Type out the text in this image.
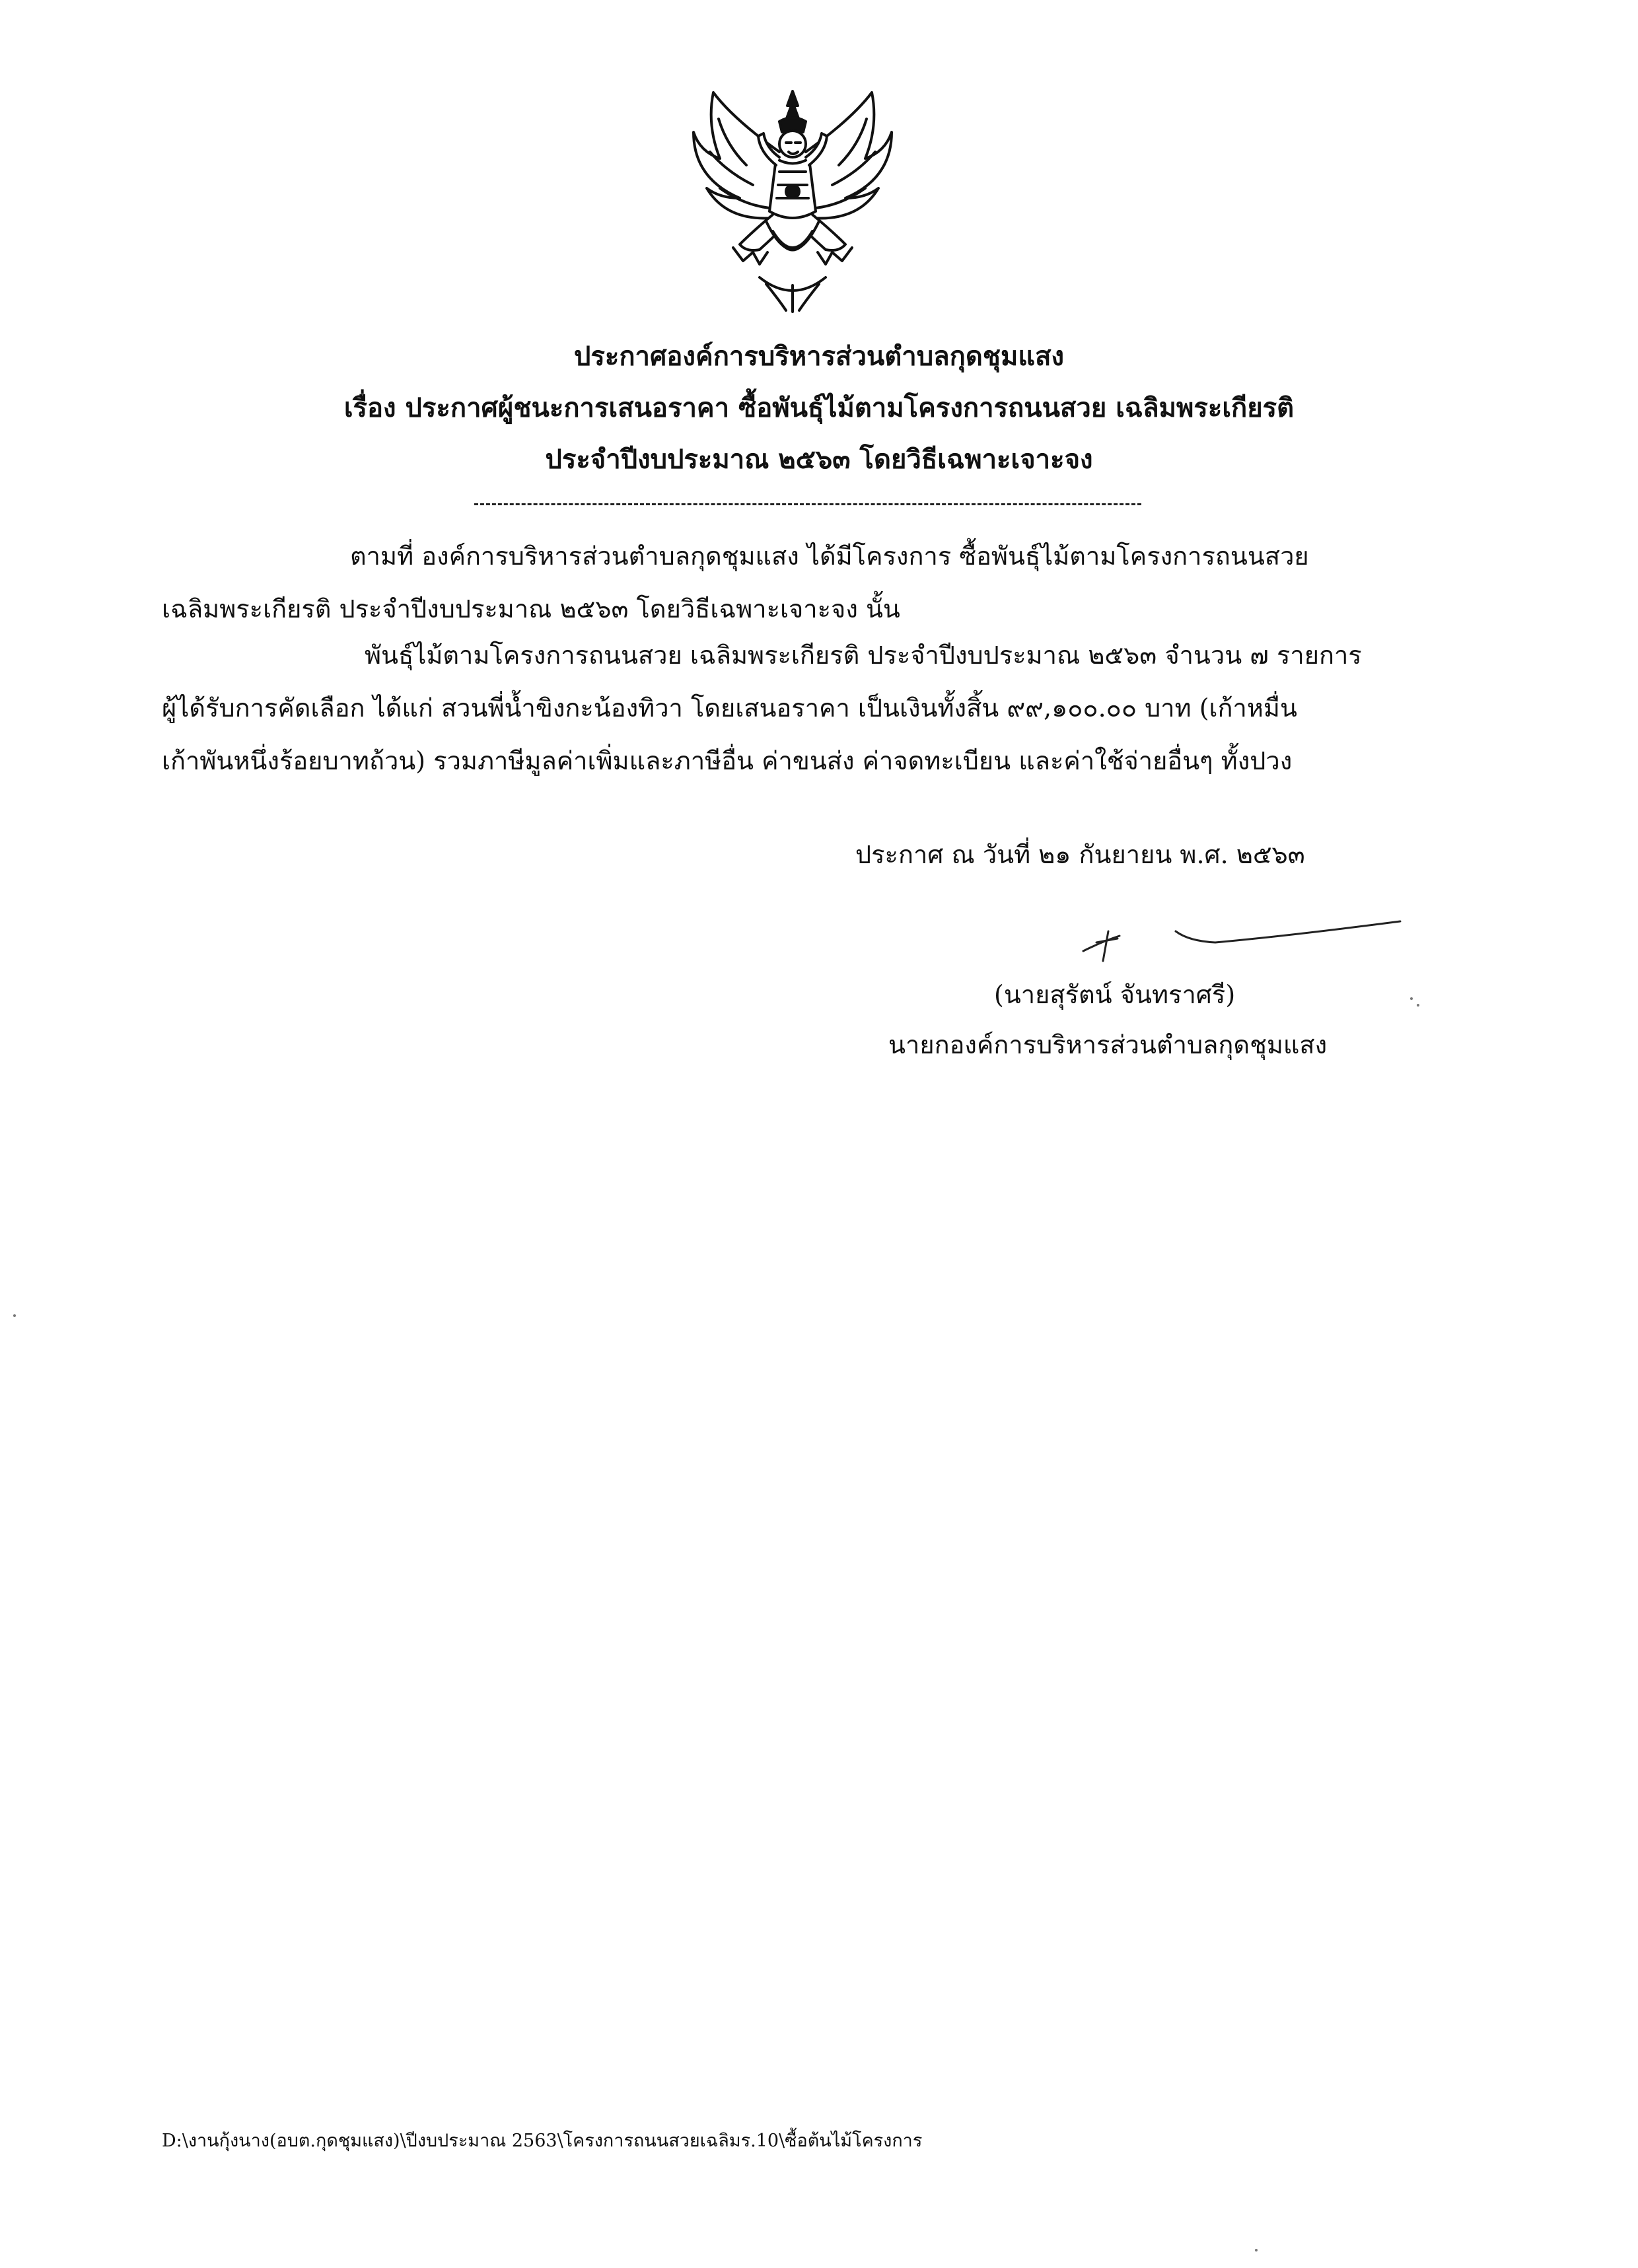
ประกาศองค์การบริหารส่วนตำบลกุดชุมแสง
เรื่อง ประกาศผู้ชนะการเสนอราคา ซื้อพันธุ์ไม้ตามโครงการถนนสวย เฉลิมพระเกียรติ
ประจำปีงบประมาณ ๒๕๖๓ โดยวิธีเฉพาะเจาะจง
ตามที่ องค์การบริหารส่วนตำบลกุดชุมแสง ได้มีโครงการ ซื้อพันธุ์ไม้ตามโครงการถนนสวย
เฉลิมพระเกียรติ ประจำปีงบประมาณ ๒๕๖๓ โดยวิธีเฉพาะเจาะจง นั้น
พันธุ์ไม้ตามโครงการถนนสวย เฉลิมพระเกียรติ ประจำปีงบประมาณ ๒๕๖๓ จำนวน ๗ รายการ
ผู้ได้รับการคัดเลือก ได้แก่ สวนพี่น้ำขิงกะน้องทิวา โดยเสนอราคา เป็นเงินทั้งสิ้น ๙๙,๑๐๐.๐๐ บาท (เก้าหมื่น
เก้าพันหนึ่งร้อยบาทถ้วน) รวมภาษีมูลค่าเพิ่มและภาษีอื่น ค่าขนส่ง ค่าจดทะเบียน และค่าใช้จ่ายอื่นๆ ทั้งปวง
ประกาศ ณ วันที่ ๒๑ กันยายน พ.ศ. ๒๕๖๓
(นายสุรัตน์ จันทราศรี)
นายกองค์การบริหารส่วนตำบลกุดชุมแสง
D:\งานกุ้งนาง(อบต.กุดชุมแสง)\ปีงบประมาณ 2563\โครงการถนนสวยเฉลิมร.10\ซื้อต้นไม้โครงการ
